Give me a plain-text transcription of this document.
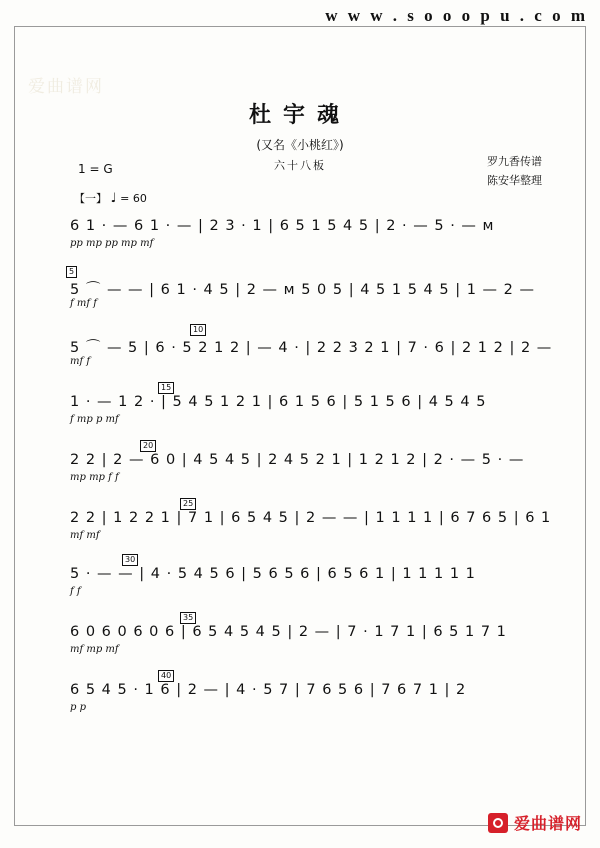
w w w . s o o o p u . c o m
爱曲谱网
杜宇魂
(又名《小桃红》)
六十八板	罗九香传谱
陈安华整理
1 = G
【一】 ♩ = 60
6 1 · — 6 1 · — | 2 3 · 1 | 6 5 1 5 4 5 | 2 · — 5 · — ᴍ
pp mp pp mp mf
5
5 ⌒ — — | 6 1 · 4 5 | 2 — ᴍ 5 0 5 | 4 5 1 5 4 5 | 1 — 2 —
f mf f
10
5 ⌒ — 5 | 6 · 5 2 1 2 | — 4 · | 2 2 3 2 1 | 7 · 6 | 2 1 2 | 2 —
mf f
15
1 · — 1 2 · | 5 4 5 1 2 1 | 6 1 5 6 | 5 1 5 6 | 4 5 4 5
f mp p mf
20
2 2 | 2 — 6 0 | 4 5 4 5 | 2 4 5 2 1 | 1 2 1 2 | 2 · — 5 · —
mp mp f f
25
2 2 | 1 2 2 1 | 7 1 | 6 5 4 5 | 2 — — | 1 1 1 1 | 6 7 6 5 | 6 1
mf mf
30
5 · — — | 4 · 5 4 5 6 | 5 6 5 6 | 6 5 6 1 | 1 1 1 1 1
f f
35
6 0 6 0 6 0 6 | 6 5 4 5 4 5 | 2 — | 7 · 1 7 1 | 6 5 1 7 1
mf mp mf
40
6 5 4 5 · 1 6 | 2 — | 4 · 5 7 | 7 6 5 6 | 7 6 7 1 | 2
p p
爱曲谱网
